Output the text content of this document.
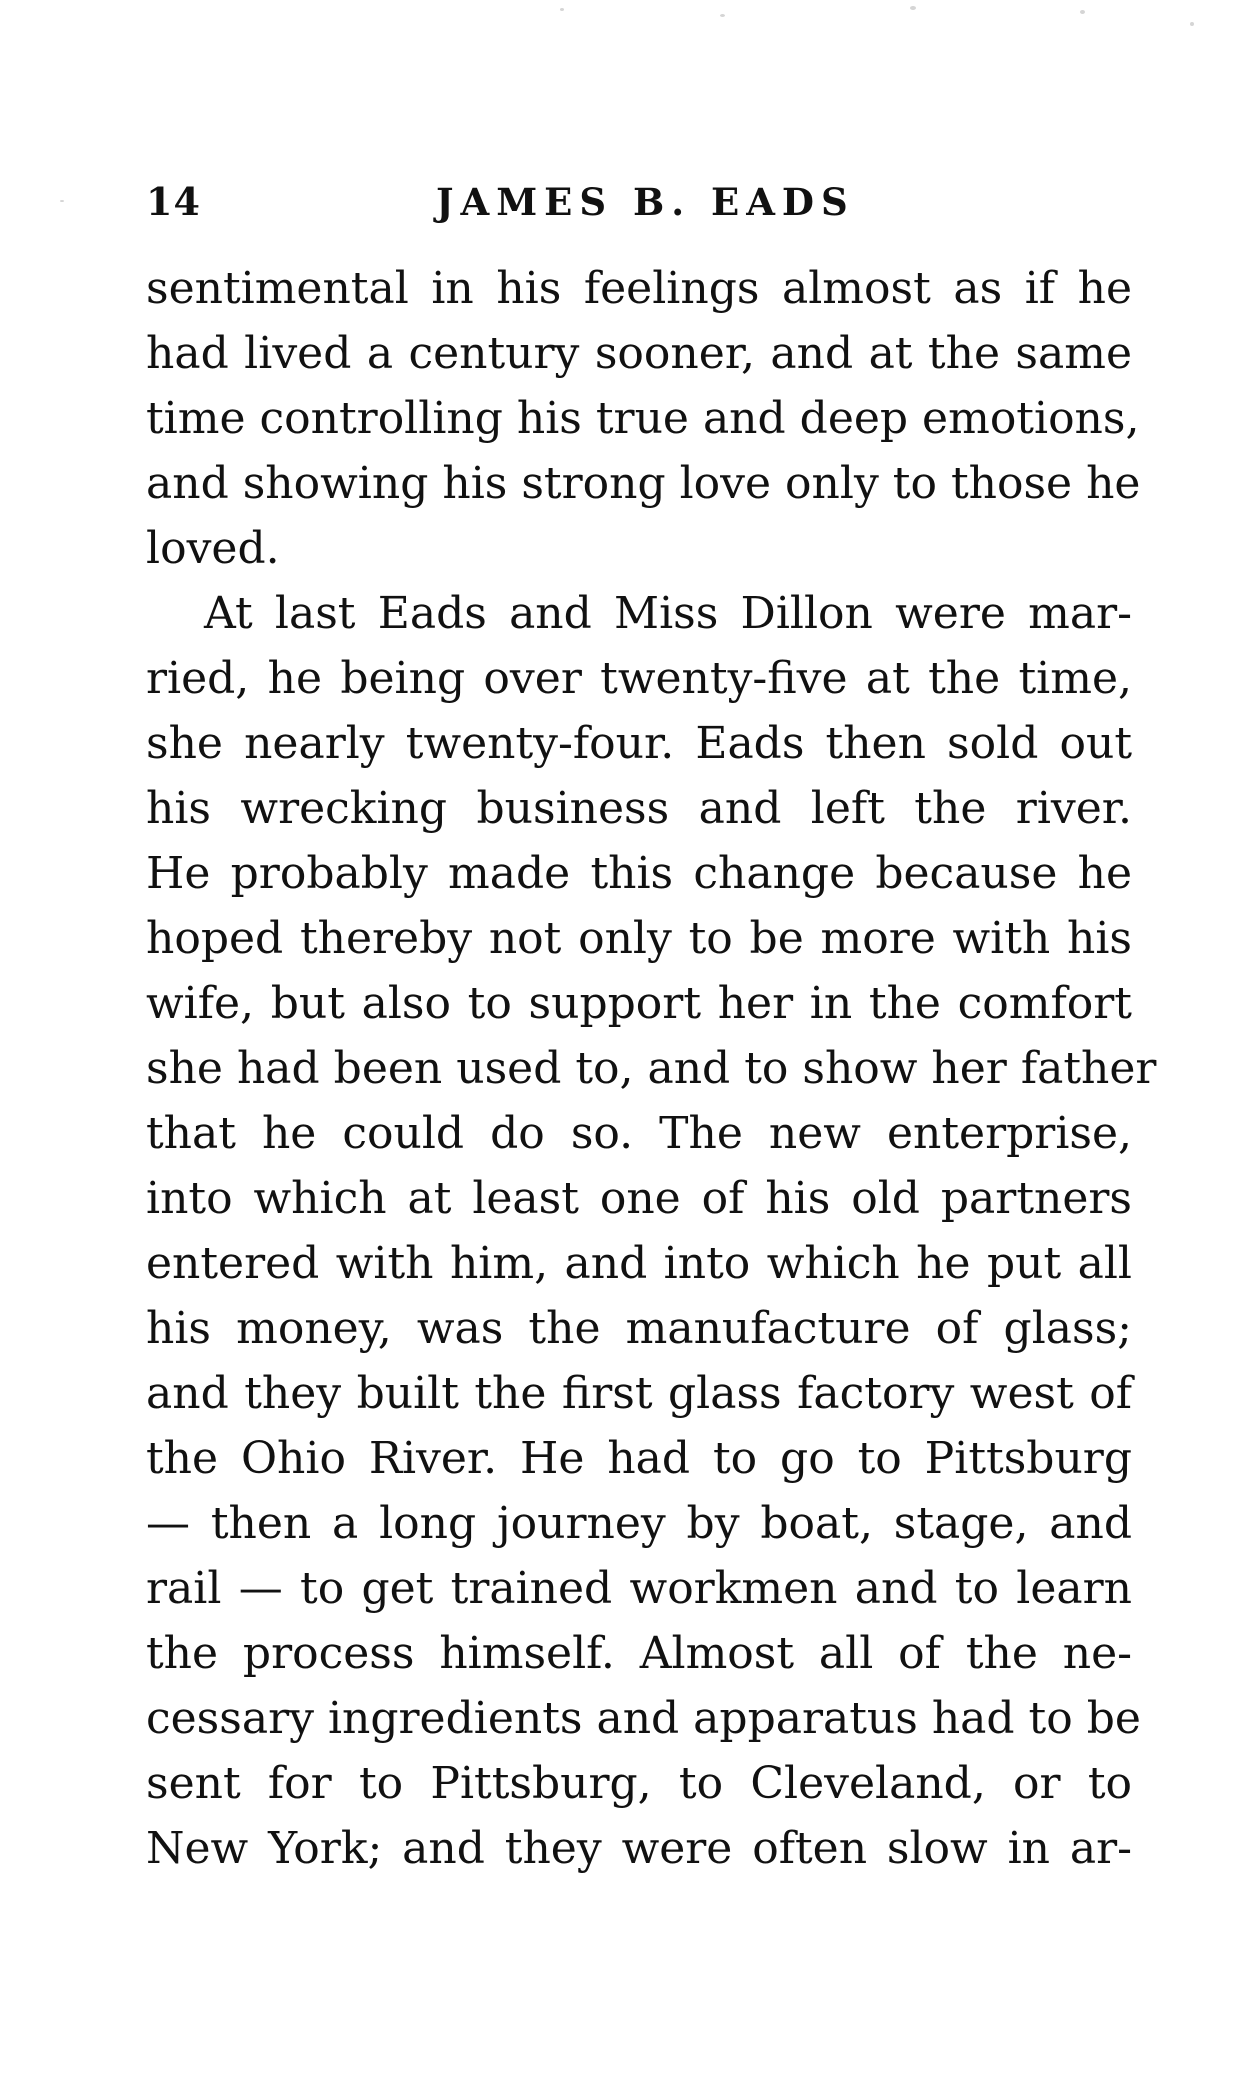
14	JAMES B. EADS
sentimental in his feelings almost as if he
had lived a century sooner, and at the same
time controlling his true and deep emotions,
and showing his strong love only to those he
loved.
At last Eads and Miss Dillon were mar-
ried, he being over twenty-five at the time,
she nearly twenty-four. Eads then sold out
his wrecking business and left the river.
He probably made this change because he
hoped thereby not only to be more with his
wife, but also to support her in the comfort
she had been used to, and to show her father
that he could do so. The new enterprise,
into which at least one of his old partners
entered with him, and into which he put all
his money, was the manufacture of glass;
and they built the first glass factory west of
the Ohio River. He had to go to Pittsburg
— then a long journey by boat, stage, and
rail — to get trained workmen and to learn
the process himself. Almost all of the ne-
cessary ingredients and apparatus had to be
sent for to Pittsburg, to Cleveland, or to
New York; and they were often slow in ar-
